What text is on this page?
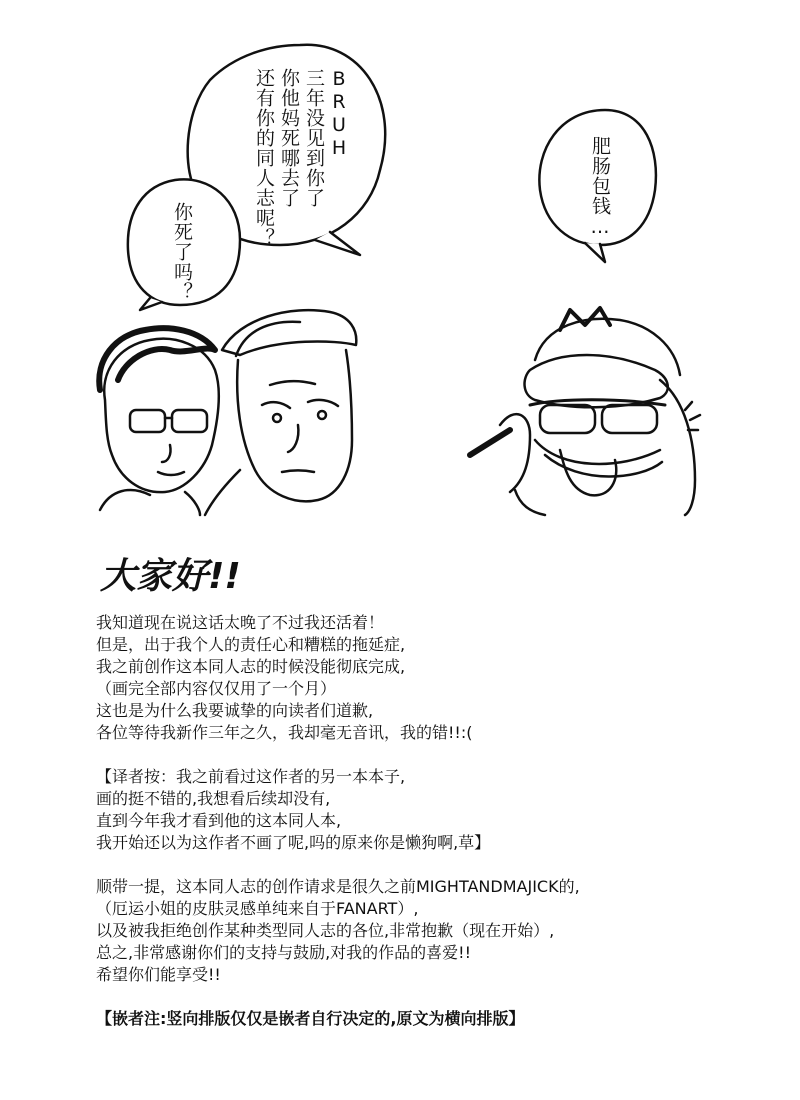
BRUH
三年没见到你了
你他妈死哪去了
还有你的同人志呢？
你死了吗？
肥肠包钱…
大家好!!
我知道现在说这话太晚了不过我还活着！
但是，出于我个人的责任心和糟糕的拖延症,
我之前创作这本同人志的时候没能彻底完成,
（画完全部内容仅仅用了一个月）
这也是为什么我要诚挚的向读者们道歉,
各位等待我新作三年之久，我却毫无音讯，我的错!!:(
【译者按：我之前看过这作者的另一本本子,
画的挺不错的,我想看后续却没有,
直到今年我才看到他的这本同人本,
我开始还以为这作者不画了呢,吗的原来你是懒狗啊,草】
顺带一提，这本同人志的创作请求是很久之前MIGHTANDMAJICK的,
（厄运小姐的皮肤灵感单纯来自于FANART）,
以及被我拒绝创作某种类型同人志的各位,非常抱歉（现在开始）,
总之,非常感谢你们的支持与鼓励,对我的作品的喜爱!!
希望你们能享受!!
【嵌者注:竖向排版仅仅是嵌者自行决定的,原文为横向排版】
